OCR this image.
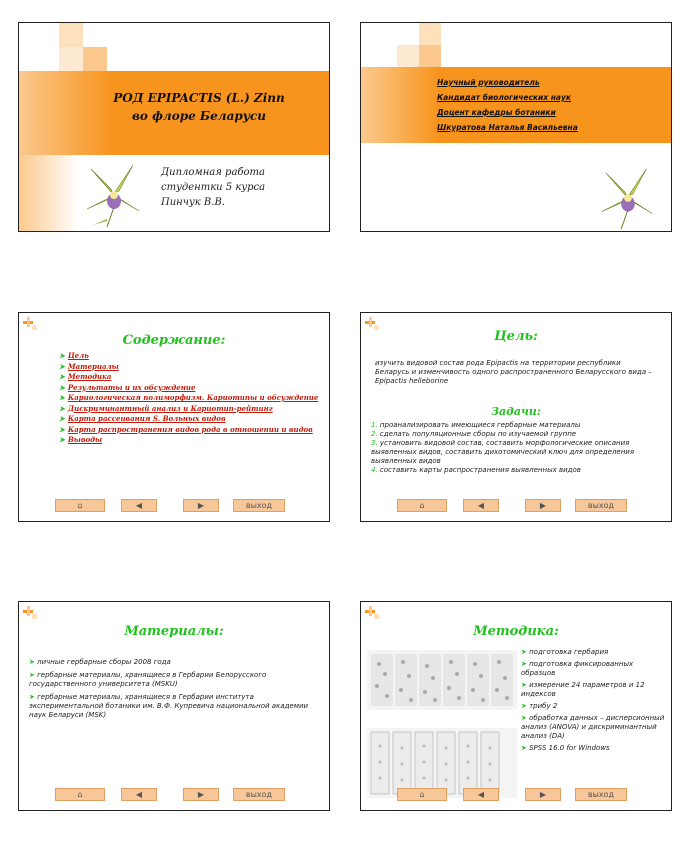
РОД EPIPACTIS (L.) Zinn
во флоре Беларуси
Дипломная работа
студентки 5 курса
Пинчук В.В.
Научный руководитель
Кандидат биологических наук
Доцент кафедры ботаники
Шкуратова Наталья Васильевна
Содержание:
➤ Цель
➤ Материалы
➤ Методика
➤ Результаты и их обсуждение
➤ Кариологическая полиморфизм. Кариотипы и обсуждение
➤ Дискриминантный анализ и Кариотип-рейтинг
➤ Карта рассеивания S. Вольных видов
➤ Карта распространения видов рода в отношении и видов
➤ Выводы
⌂	◀	▶	выход
Цель:
изучить видовой состав рода Epipactis на территории республики Беларусь и изменчивость одного распространенного Беларусского вида – Epipactis helleborine
Задачи:
1. проанализировать имеющиеся гербарные материалы
2. сделать популяционные сборы по изучаемой группе
3. установить видовой состав, составить морфологические описания выявленных видов, составить дихотомический ключ для определения выявленных видов
4. составить карты распространения выявленных видов
⌂	◀	▶	выход
Материалы:
➤ личные гербарные сборы 2008 года
➤ гербарные материалы, хранящиеся в Гербарии Белорусского государственного университета (MSKU)
➤ гербарные материалы, хранящиеся в Гербарии института экспериментальной ботаники им. В.Ф. Купревича национальной академии наук Беларуси (MSK)
⌂	◀	▶	выход
Методика:
➤ подготовка гербария
➤ подготовка фиксированных образцов
➤ измерение 24 параметров и 12 индексов
➤ трибу 2
➤ обработка данных – дисперсионный анализ (ANOVA) и дискриминантный анализ (DA)
➤ SPSS 16.0 for Windows
⌂	◀	▶	выход
